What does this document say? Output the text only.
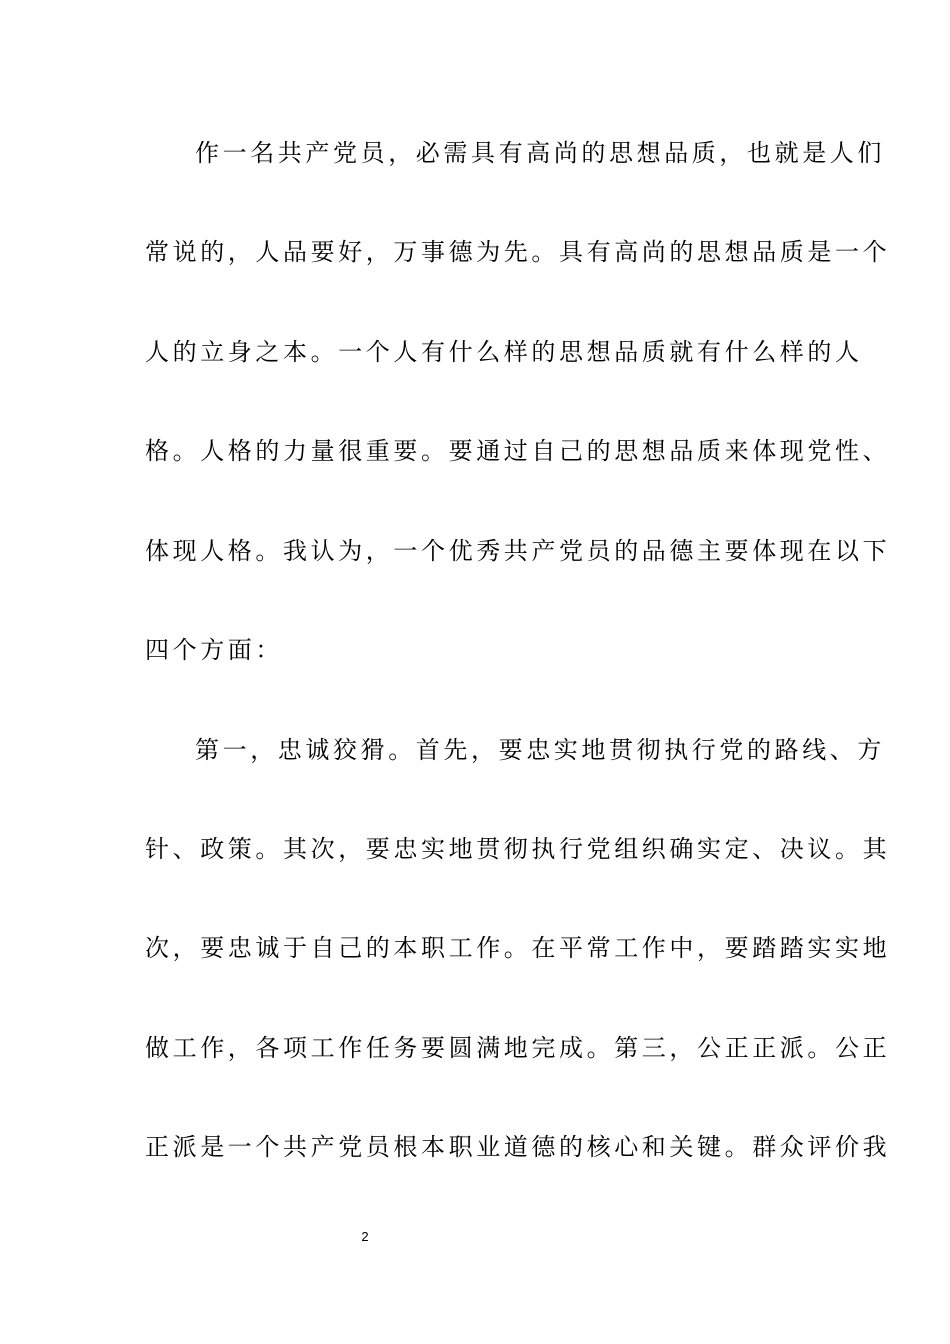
作一名共产党员，必需具有高尚的思想品质，也就是人们
常说的，人品要好，万事德为先。具有高尚的思想品质是一个
人的立身之本。一个人有什么样的思想品质就有什么样的人
格。人格的力量很重要。要通过自己的思想品质来体现党性、
体现人格。我认为，一个优秀共产党员的品德主要体现在以下
四个方面：
第一，忠诚狡猾。首先，要忠实地贯彻执行党的路线、方
针、政策。其次，要忠实地贯彻执行党组织确实定、决议。其
次，要忠诚于自己的本职工作。在平常工作中，要踏踏实实地
做工作，各项工作任务要圆满地完成。第三，公正正派。公正
正派是一个共产党员根本职业道德的核心和关键。群众评价我
2
